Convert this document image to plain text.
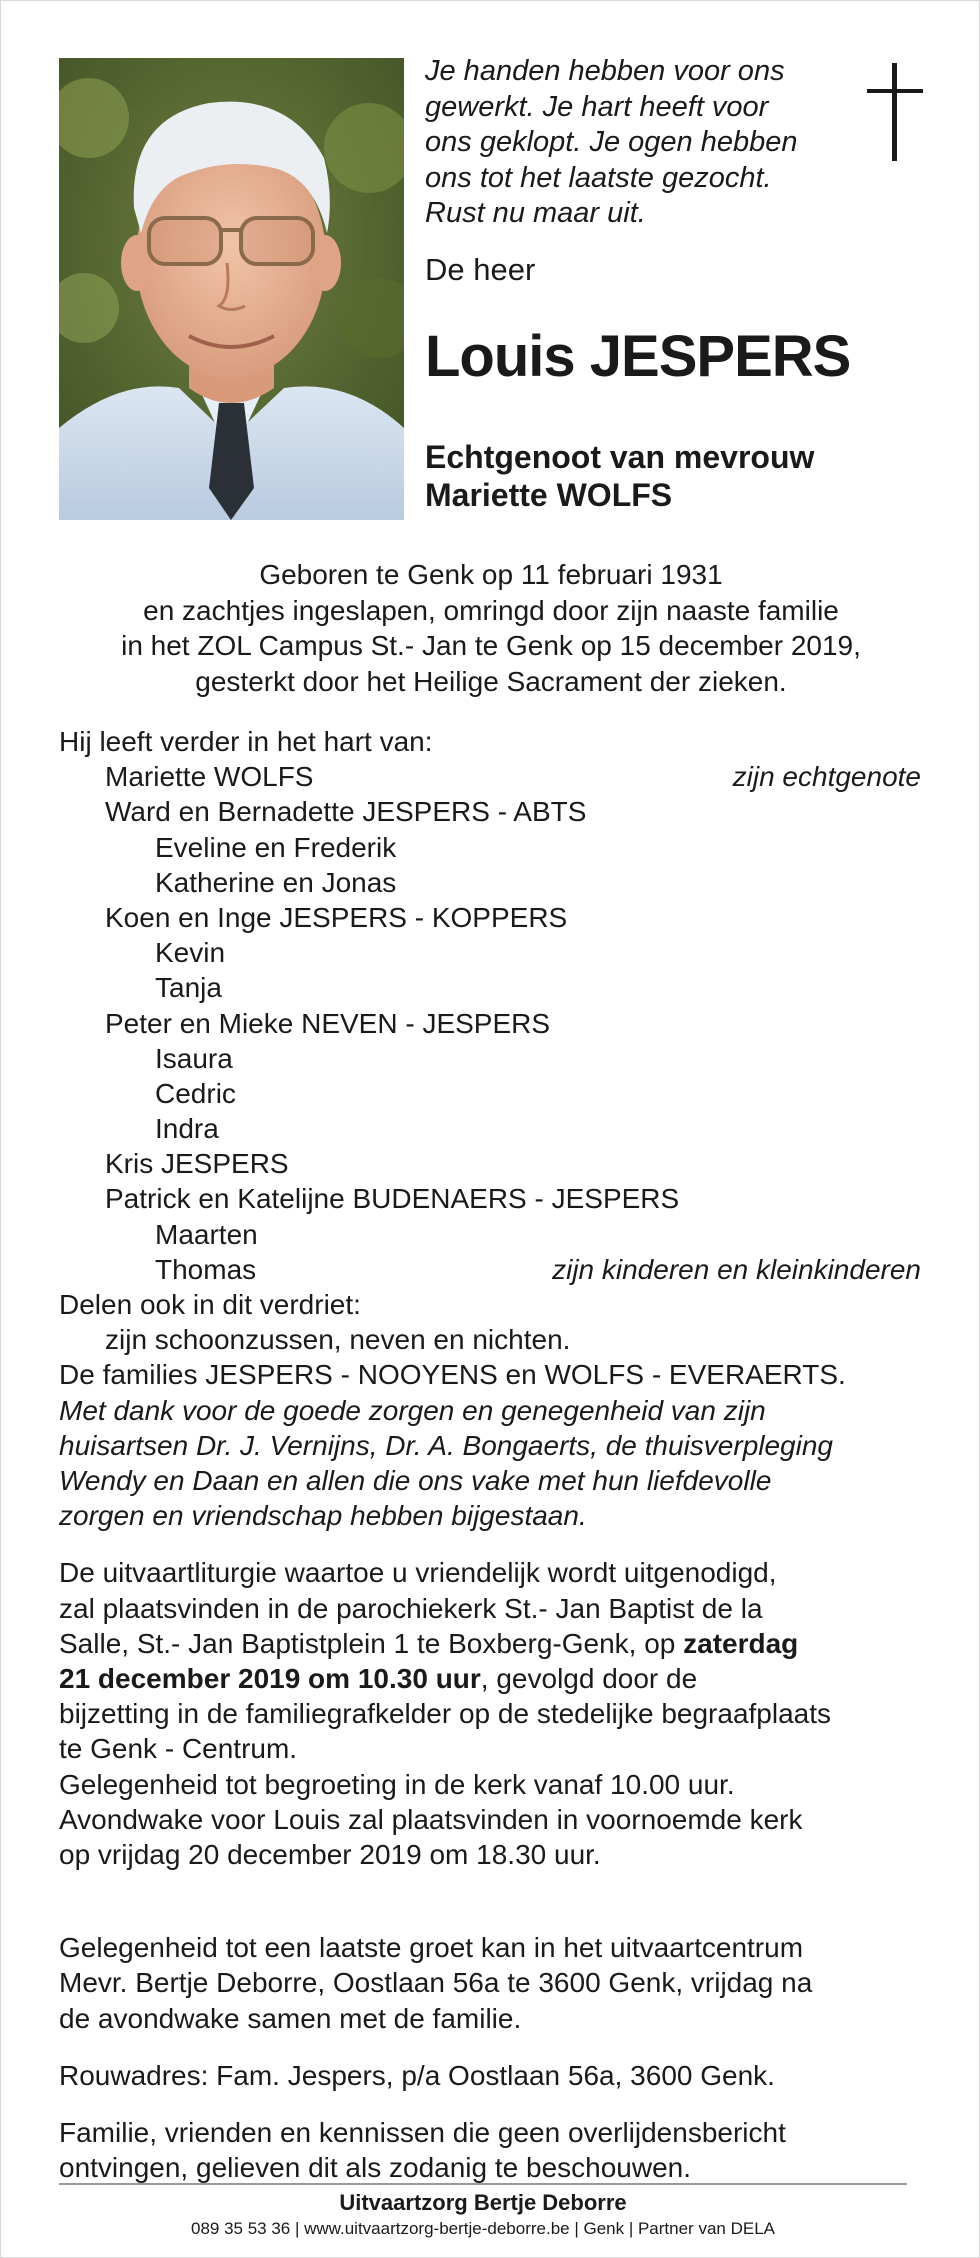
Je handen hebben voor ons
gewerkt. Je hart heeft voor
ons geklopt. Je ogen hebben
ons tot het laatste gezocht.
Rust nu maar uit.
De heer
Louis JESPERS
Echtgenoot van mevrouw
Mariette WOLFS
Geboren te Genk op 11 februari 1931
en zachtjes ingeslapen, omringd door zijn naaste familie
in het ZOL Campus St.- Jan te Genk op 15 december 2019,
gesterkt door het Heilige Sacrament der zieken.
Hij leeft verder in het hart van:
Mariette WOLFS	zijn echtgenote
Ward en Bernadette JESPERS - ABTS
Eveline en Frederik
Katherine en Jonas
Koen en Inge JESPERS - KOPPERS
Kevin
Tanja
Peter en Mieke NEVEN - JESPERS
Isaura
Cedric
Indra
Kris JESPERS
Patrick en Katelijne BUDENAERS - JESPERS
Maarten
Thomas	zijn kinderen en kleinkinderen
Delen ook in dit verdriet:
zijn schoonzussen, neven en nichten.
De families JESPERS - NOOYENS en WOLFS - EVERAERTS.
Met dank voor de goede zorgen en genegenheid van zijn
huisartsen Dr. J. Vernijns, Dr. A. Bongaerts, de thuisverpleging
Wendy en Daan en allen die ons vake met hun liefdevolle
zorgen en vriendschap hebben bijgestaan.
De uitvaartliturgie waartoe u vriendelijk wordt uitgenodigd,
zal plaatsvinden in de parochiekerk St.- Jan Baptist de la
Salle, St.- Jan Baptistplein 1 te Boxberg-Genk, op zaterdag
21 december 2019 om 10.30 uur, gevolgd door de
bijzetting in de familiegrafkelder op de stedelijke begraafplaats
te Genk - Centrum.
Gelegenheid tot begroeting in de kerk vanaf 10.00 uur.
Avondwake voor Louis zal plaatsvinden in voornoemde kerk
op vrijdag 20 december 2019 om 18.30 uur.
Gelegenheid tot een laatste groet kan in het uitvaartcentrum
Mevr. Bertje Deborre, Oostlaan 56a te 3600 Genk, vrijdag na
de avondwake samen met de familie.
Rouwadres: Fam. Jespers, p/a Oostlaan 56a, 3600 Genk.
Familie, vrienden en kennissen die geen overlijdensbericht
ontvingen, gelieven dit als zodanig te beschouwen.
Uitvaartzorg Bertje Deborre
089 35 53 36 | www.uitvaartzorg-bertje-deborre.be | Genk | Partner van DELA
